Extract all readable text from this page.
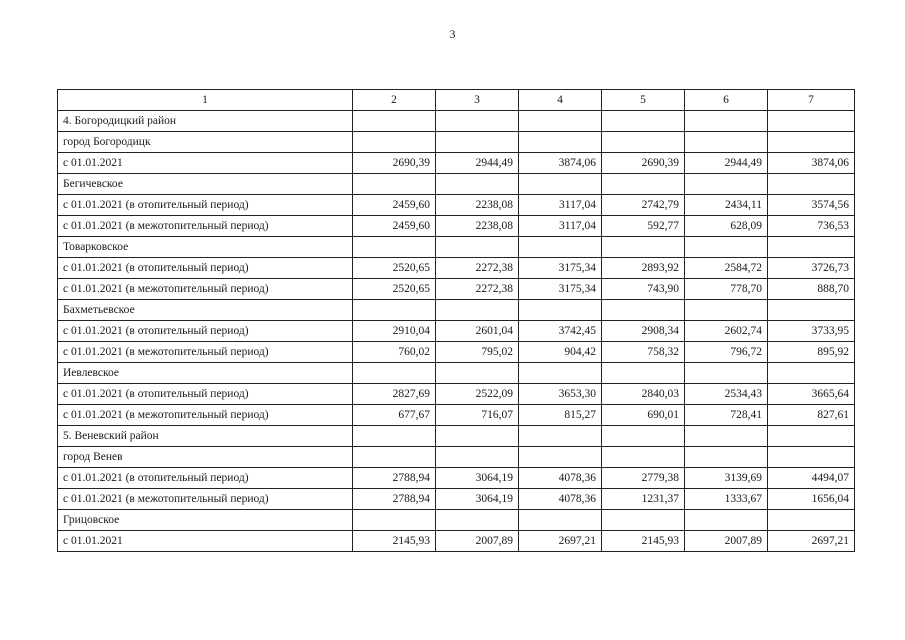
3
1	2	3	4	5	6	7
4. Богородицкий район						
город Богородицк						
с 01.01.2021	2690,39	2944,49	3874,06	2690,39	2944,49	3874,06
Бегичевское						
с 01.01.2021 (в отопительный период)	2459,60	2238,08	3117,04	2742,79	2434,11	3574,56
с 01.01.2021 (в межотопительный период)	2459,60	2238,08	3117,04	592,77	628,09	736,53
Товарковское						
с 01.01.2021 (в отопительный период)	2520,65	2272,38	3175,34	2893,92	2584,72	3726,73
с 01.01.2021 (в межотопительный период)	2520,65	2272,38	3175,34	743,90	778,70	888,70
Бахметьевское						
с 01.01.2021 (в отопительный период)	2910,04	2601,04	3742,45	2908,34	2602,74	3733,95
с 01.01.2021 (в межотопительный период)	760,02	795,02	904,42	758,32	796,72	895,92
Иевлевское						
с 01.01.2021 (в отопительный период)	2827,69	2522,09	3653,30	2840,03	2534,43	3665,64
с 01.01.2021 (в межотопительный период)	677,67	716,07	815,27	690,01	728,41	827,61
5. Веневский район						
город Венев						
с 01.01.2021 (в отопительный период)	2788,94	3064,19	4078,36	2779,38	3139,69	4494,07
с 01.01.2021 (в межотопительный период)	2788,94	3064,19	4078,36	1231,37	1333,67	1656,04
Грицовское						
с 01.01.2021	2145,93	2007,89	2697,21	2145,93	2007,89	2697,21
